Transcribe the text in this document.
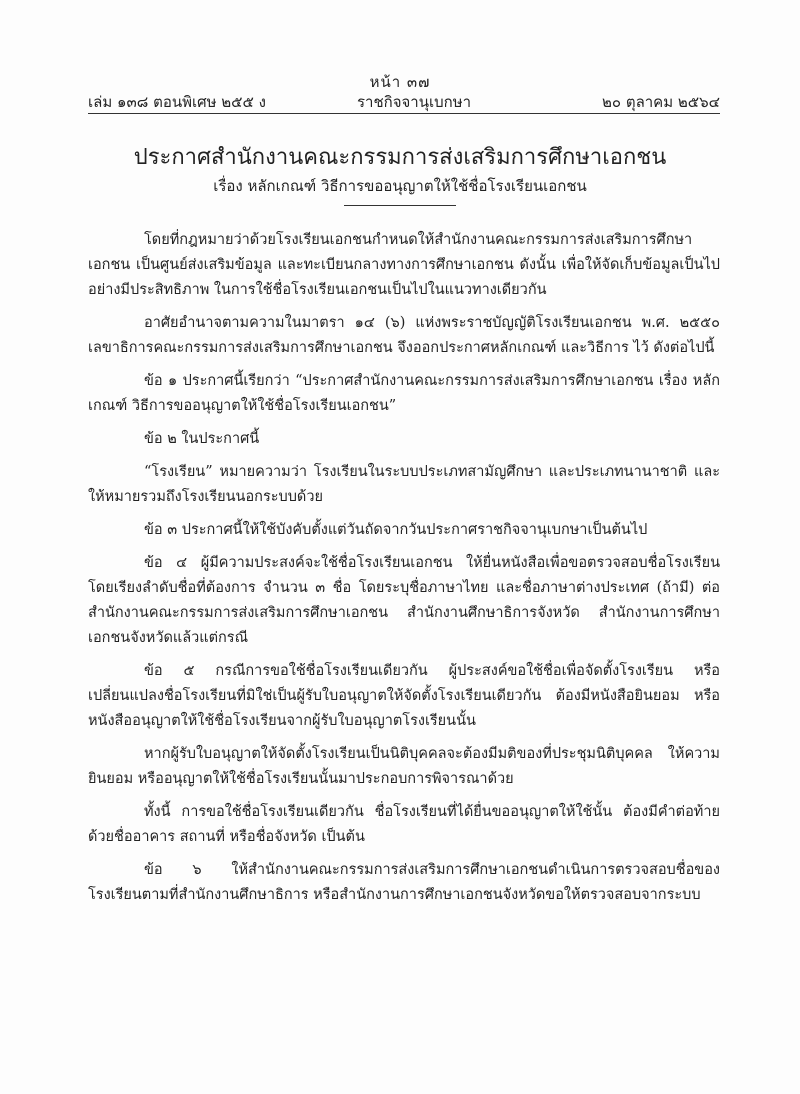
หน้า ๓๗
เล่ม ๑๓๘ ตอนพิเศษ ๒๕๕ ง	ราชกิจจานุเบกษา	๒๐ ตุลาคม ๒๕๖๔
ประกาศสำนักงานคณะกรรมการส่งเสริมการศึกษาเอกชน
เรื่อง หลักเกณฑ์ วิธีการขออนุญาตให้ใช้ชื่อโรงเรียนเอกชน

โดยที่กฎหมายว่าด้วยโรงเรียนเอกชนกำหนดให้สำนักงานคณะกรรมการส่งเสริมการศึกษาเอกชน เป็นศูนย์ส่งเสริมข้อมูล และทะเบียนกลางทางการศึกษาเอกชน ดังนั้น เพื่อให้จัดเก็บข้อมูลเป็นไป อย่างมีประสิทธิภาพ ในการใช้ชื่อโรงเรียนเอกชนเป็นไปในแนวทางเดียวกัน

อาศัยอำนาจตามความในมาตรา ๑๔ (๖) แห่งพระราชบัญญัติโรงเรียนเอกชน พ.ศ. ๒๕๕๐ เลขาธิการคณะกรรมการส่งเสริมการศึกษาเอกชน จึงออกประกาศหลักเกณฑ์ และวิธีการ ไว้ ดังต่อไปนี้

ข้อ ๑ ประกาศนี้เรียกว่า “ประกาศสำนักงานคณะกรรมการส่งเสริมการศึกษาเอกชน เรื่อง หลักเกณฑ์ วิธีการขออนุญาตให้ใช้ชื่อโรงเรียนเอกชน”

ข้อ ๒ ในประกาศนี้

“โรงเรียน” หมายความว่า โรงเรียนในระบบประเภทสามัญศึกษา และประเภทนานาชาติ และให้หมายรวมถึงโรงเรียนนอกระบบด้วย

ข้อ ๓ ประกาศนี้ให้ใช้บังคับตั้งแต่วันถัดจากวันประกาศราชกิจจานุเบกษาเป็นต้นไป

ข้อ ๔ ผู้มีความประสงค์จะใช้ชื่อโรงเรียนเอกชน ให้ยื่นหนังสือเพื่อขอตรวจสอบชื่อโรงเรียน โดยเรียงลำดับชื่อที่ต้องการ จำนวน ๓ ชื่อ โดยระบุชื่อภาษาไทย และชื่อภาษาต่างประเทศ (ถ้ามี) ต่อสำนักงานคณะกรรมการส่งเสริมการศึกษาเอกชน สำนักงานศึกษาธิการจังหวัด สำนักงานการศึกษา เอกชนจังหวัดแล้วแต่กรณี

ข้อ ๕ กรณีการขอใช้ชื่อโรงเรียนเดียวกัน ผู้ประสงค์ขอใช้ชื่อเพื่อจัดตั้งโรงเรียน หรือ เปลี่ยนแปลงชื่อโรงเรียนที่มิใช่เป็นผู้รับใบอนุญาตให้จัดตั้งโรงเรียนเดียวกัน ต้องมีหนังสือยินยอม หรือ หนังสืออนุญาตให้ใช้ชื่อโรงเรียนจากผู้รับใบอนุญาตโรงเรียนนั้น

หากผู้รับใบอนุญาตให้จัดตั้งโรงเรียนเป็นนิติบุคคลจะต้องมีมติของที่ประชุมนิติบุคคล ให้ความยินยอม หรืออนุญาตให้ใช้ชื่อโรงเรียนนั้นมาประกอบการพิจารณาด้วย

ทั้งนี้ การขอใช้ชื่อโรงเรียนเดียวกัน ชื่อโรงเรียนที่ได้ยื่นขออนุญาตให้ใช้นั้น ต้องมีคำต่อท้าย ด้วยชื่ออาคาร สถานที่ หรือชื่อจังหวัด เป็นต้น

ข้อ ๖ ให้สำนักงานคณะกรรมการส่งเสริมการศึกษาเอกชนดำเนินการตรวจสอบชื่อของ โรงเรียนตามที่สำนักงานศึกษาธิการ หรือสำนักงานการศึกษาเอกชนจังหวัดขอให้ตรวจสอบจากระบบ
